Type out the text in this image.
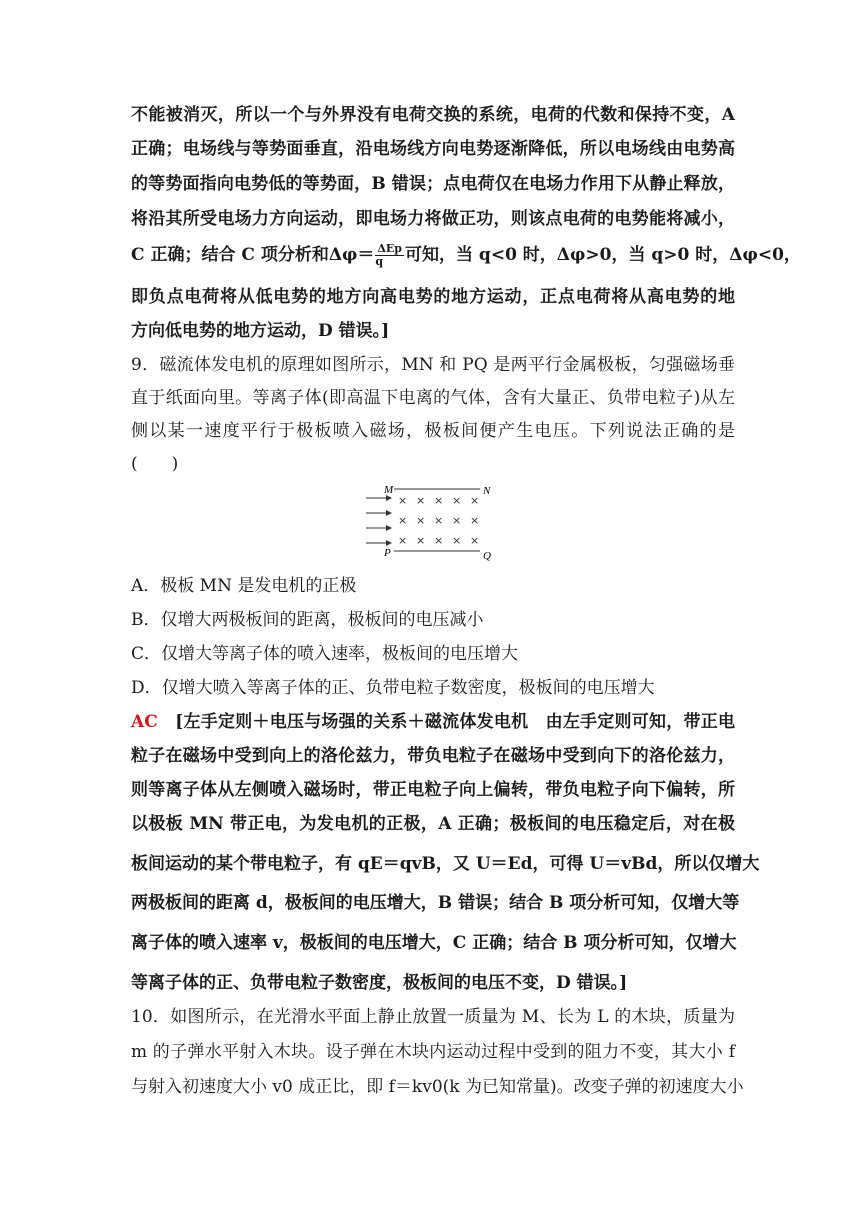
不能被消灭，所以一个与外界没有电荷交换的系统，电荷的代数和保持不变，A
正确；电场线与等势面垂直，沿电场线方向电势逐渐降低，所以电场线由电势高
的等势面指向电势低的等势面，B 错误；点电荷仅在电场力作用下从静止释放，
将沿其所受电场力方向运动，即电场力将做正功，则该点电荷的电势能将减小，
C 正确；结合 C 项分析和$\Delta\varphi= \frac{\text{ΔEp}}{q}$ 可知，当 q<0 时，Δφ>0，当 q>0 时，Δφ<0，
即负点电荷将从低电势的地方向高电势的地方运动，正点电荷将从高电势的地
方向低电势的地方运动，D 错误。]
9．磁流体发电机的原理如图所示，MN 和 PQ 是两平行金属极板，匀强磁场垂
直于纸面向里。等离子体(即高温下电离的气体，含有大量正、负带电粒子)从左
侧以某一速度平行于极板喷入磁场，极板间便产生电压。下列说法正确的是
(　　)
M	N
P	Q
× × × × ×
× × × × ×
× × × × ×
A．极板 MN 是发电机的正极
B．仅增大两极板间的距离，极板间的电压减小
C．仅增大等离子体的喷入速率，极板间的电压增大
D．仅增大喷入等离子体的正、负带电粒子数密度，极板间的电压增大
AC　 [左手定则＋电压与场强的关系＋磁流体发电机　由左手定则可知，带正电
粒子在磁场中受到向上的洛伦兹力，带负电粒子在磁场中受到向下的洛伦兹力，
则等离子体从左侧喷入磁场时，带正电粒子向上偏转，带负电粒子向下偏转，所
以极板 MN 带正电，为发电机的正极，A 正确；极板间的电压稳定后，对在极
板间运动的某个带电粒子，有 qE＝qvB，又 U＝Ed，可得 U＝vBd，所以仅增大
两极板间的距离 d，极板间的电压增大，B 错误；结合 B 项分析可知，仅增大等
离子体的喷入速率 v，极板间的电压增大，C 正确；结合 B 项分析可知，仅增大
等离子体的正、负带电粒子数密度，极板间的电压不变，D 错误。]
10．如图所示，在光滑水平面上静止放置一质量为 M、长为 L 的木块，质量为
m 的子弹水平射入木块。设子弹在木块内运动过程中受到的阻力不变，其大小 f
与射入初速度大小 v0 成正比，即 f＝kv0(k 为已知常量)。改变子弹的初速度大小
